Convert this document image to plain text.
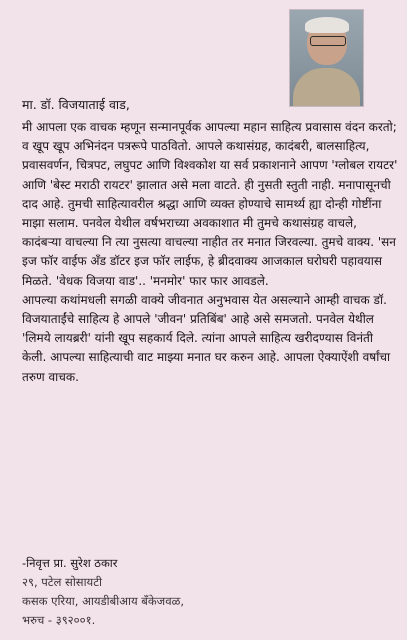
मा. डॉ. विजयाताई वाड,

मी आपला एक वाचक म्हणून सन्मानपूर्वक आपल्या महान साहित्य प्रवासास वंदन करतो; व खूप खूप अभिनंदन पत्ररूपे पाठवितो. आपले कथासंग्रह, कादंबरी, बालसाहित्य, प्रवासवर्णन, चित्रपट, लघुपट आणि विश्वकोश या सर्व प्रकाशनाने आपण 'ग्लोबल रायटर' आणि 'बेस्ट मराठी रायटर' झालात असे मला वाटते. ही नुसती स्तुती नाही. मनापासूनची दाद आहे. तुमची साहित्यावरील श्रद्धा आणि व्यक्त होण्याचे सामर्थ्य ह्या दोन्ही गोष्टींना माझा सलाम. पनवेल येथील वर्षभराच्या अवकाशात मी तुमचे कथासंग्रह वाचले, कादंबऱ्या वाचल्या नि त्या नुसत्या वाचल्या नाहीत तर मनात जिरवल्या. तुमचे वाक्य. 'सन इज फॉर वाईफ अँड डॉटर इज फॉर लाईफ, हे ब्रीदवाक्य आजकाल घरोघरी पहावयास मिळते. 'वेधक विजया वाड'.. 'मनमोर' फार फार आवडले.

आपल्या कथांमधली सगळी वाक्ये जीवनात अनुभवास येत असल्याने आम्ही वाचक डॉ. विजयाताईंचे साहित्य हे आपले 'जीवन' प्रतिबिंब' आहे असे समजतो. पनवेल येथील 'लिमये लायब्ररी' यांनी खूप सहकार्य दिले. त्यांना आपले साहित्य खरीदण्यास विनंती केली. आपल्या साहित्याची वाट माझ्या मनात घर करुन आहे. आपला ऐक्याऐंशी वर्षांचा तरुण वाचक.

-निवृत्त प्रा. सुरेश ठकार
२९, पटेल सोसायटी
कसक एरिया, आयडीबीआय बँकेजवळ,
भरुच - ३९२००१.
